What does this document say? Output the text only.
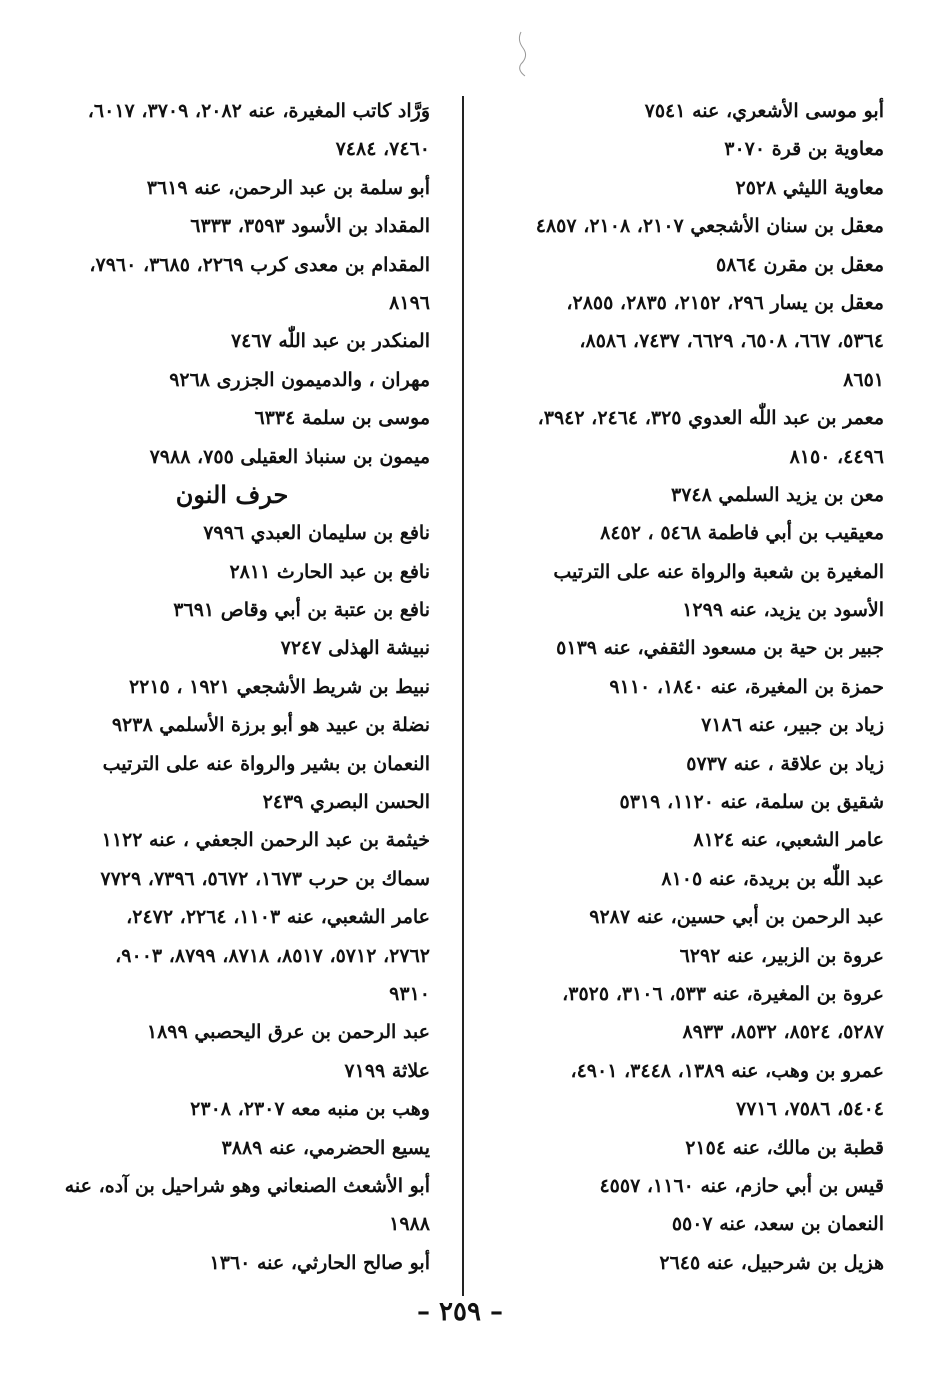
أبو موسى الأشعري، عنه ٧٥٤١
معاوية بن قرة ٣٠٧٠
معاوية الليثي ٢٥٢٨
معقل بن سنان الأشجعي ٢١٠٧، ٢١٠٨، ٤٨٥٧
معقل بن مقرن ٥٨٦٤
معقل بن يسار ٢٩٦، ٢١٥٢، ٢٨٣٥، ٢٨٥٥،
٥٣٦٤، ٦٦٧، ٦٥٠٨، ٦٦٢٩، ٧٤٣٧، ٨٥٨٦،
٨٦٥١
معمر بن عبد اللّٰه العدوي ٣٢٥، ٢٤٦٤، ٣٩٤٢،
٤٤٩٦، ٨١٥٠
معن بن يزيد السلمي ٣٧٤٨
معيقيب بن أبي فاطمة ٥٤٦٨ ، ٨٤٥٢
المغيرة بن شعبة والرواة عنه على الترتيب
الأسود بن يزيد، عنه ١٢٩٩
جبير بن حية بن مسعود الثقفي، عنه ٥١٣٩
حمزة بن المغيرة، عنه ١٨٤٠، ٩١١٠
زياد بن جبير، عنه ٧١٨٦
زياد بن علاقة ، عنه ٥٧٣٧
شقيق بن سلمة، عنه ١١٢٠، ٥٣١٩
عامر الشعبي، عنه ٨١٢٤
عبد اللّٰه بن بريدة، عنه ٨١٠٥
عبد الرحمن بن أبي حسين، عنه ٩٢٨٧
عروة بن الزبير، عنه ٦٢٩٢
عروة بن المغيرة، عنه ٥٣٣، ٣١٠٦، ٣٥٢٥،
٥٢٨٧، ٨٥٢٤، ٨٥٣٢، ٨٩٣٣
عمرو بن وهب، عنه ١٣٨٩، ٣٤٤٨، ٤٩٠١،
٥٤٠٤، ٧٥٨٦، ٧٧١٦
قطبة بن مالك، عنه ٢١٥٤
قيس بن أبي حازم، عنه ١١٦٠، ٤٥٥٧
النعمان بن سعد، عنه ٥٥٠٧
هزيل بن شرحبيل، عنه ٢٦٤٥
وَرَّاد كاتب المغيرة، عنه ٢٠٨٢، ٣٧٠٩، ٦٠١٧،
٧٤٦٠، ٧٤٨٤
أبو سلمة بن عبد الرحمن، عنه ٣٦١٩
المقداد بن الأسود ٣٥٩٣، ٦٣٣٣
المقدام بن معدى كرب ٢٢٦٩، ٣٦٨٥، ٧٩٦٠،
٨١٩٦
المنكدر بن عبد اللّٰه ٧٤٦٧
مهران ، والدميمون الجزرى ٩٢٦٨
موسى بن سلمة ٦٣٣٤
ميمون بن سنباذ العقيلى ٧٥٥، ٧٩٨٨
حرف النون
نافع بن سليمان العبدي ٧٩٩٦
نافع بن عبد الحارث ٢٨١١
نافع بن عتبة بن أبي وقاص ٣٦٩١
نبيشة الهذلى ٧٢٤٧
نبيط بن شريط الأشجعي ١٩٢١ ، ٢٢١٥
نضلة بن عبيد هو أبو برزة الأسلمي ٩٢٣٨
النعمان بن بشير والرواة عنه على الترتيب
الحسن البصري ٢٤٣٩
خيثمة بن عبد الرحمن الجعفي ، عنه ١١٢٢
سماك بن حرب ١٦٧٣، ٥٦٧٢، ٧٣٩٦، ٧٧٢٩
عامر الشعبي، عنه ١١٠٣، ٢٢٦٤، ٢٤٧٢،
٢٧٦٢، ٥٧١٢، ٨٥١٧، ٨٧١٨، ٨٧٩٩، ٩٠٠٣،
٩٣١٠
عبد الرحمن بن عرق اليحصبي ١٨٩٩
علاثة ٧١٩٩
وهب بن منبه معه ٢٣٠٧، ٢٣٠٨
يسيع الحضرمي، عنه ٣٨٨٩
أبو الأشعث الصنعاني وهو شراحيل بن آده، عنه
١٩٨٨
أبو صالح الحارثي، عنه ١٣٦٠
– ٢٥٩ –
